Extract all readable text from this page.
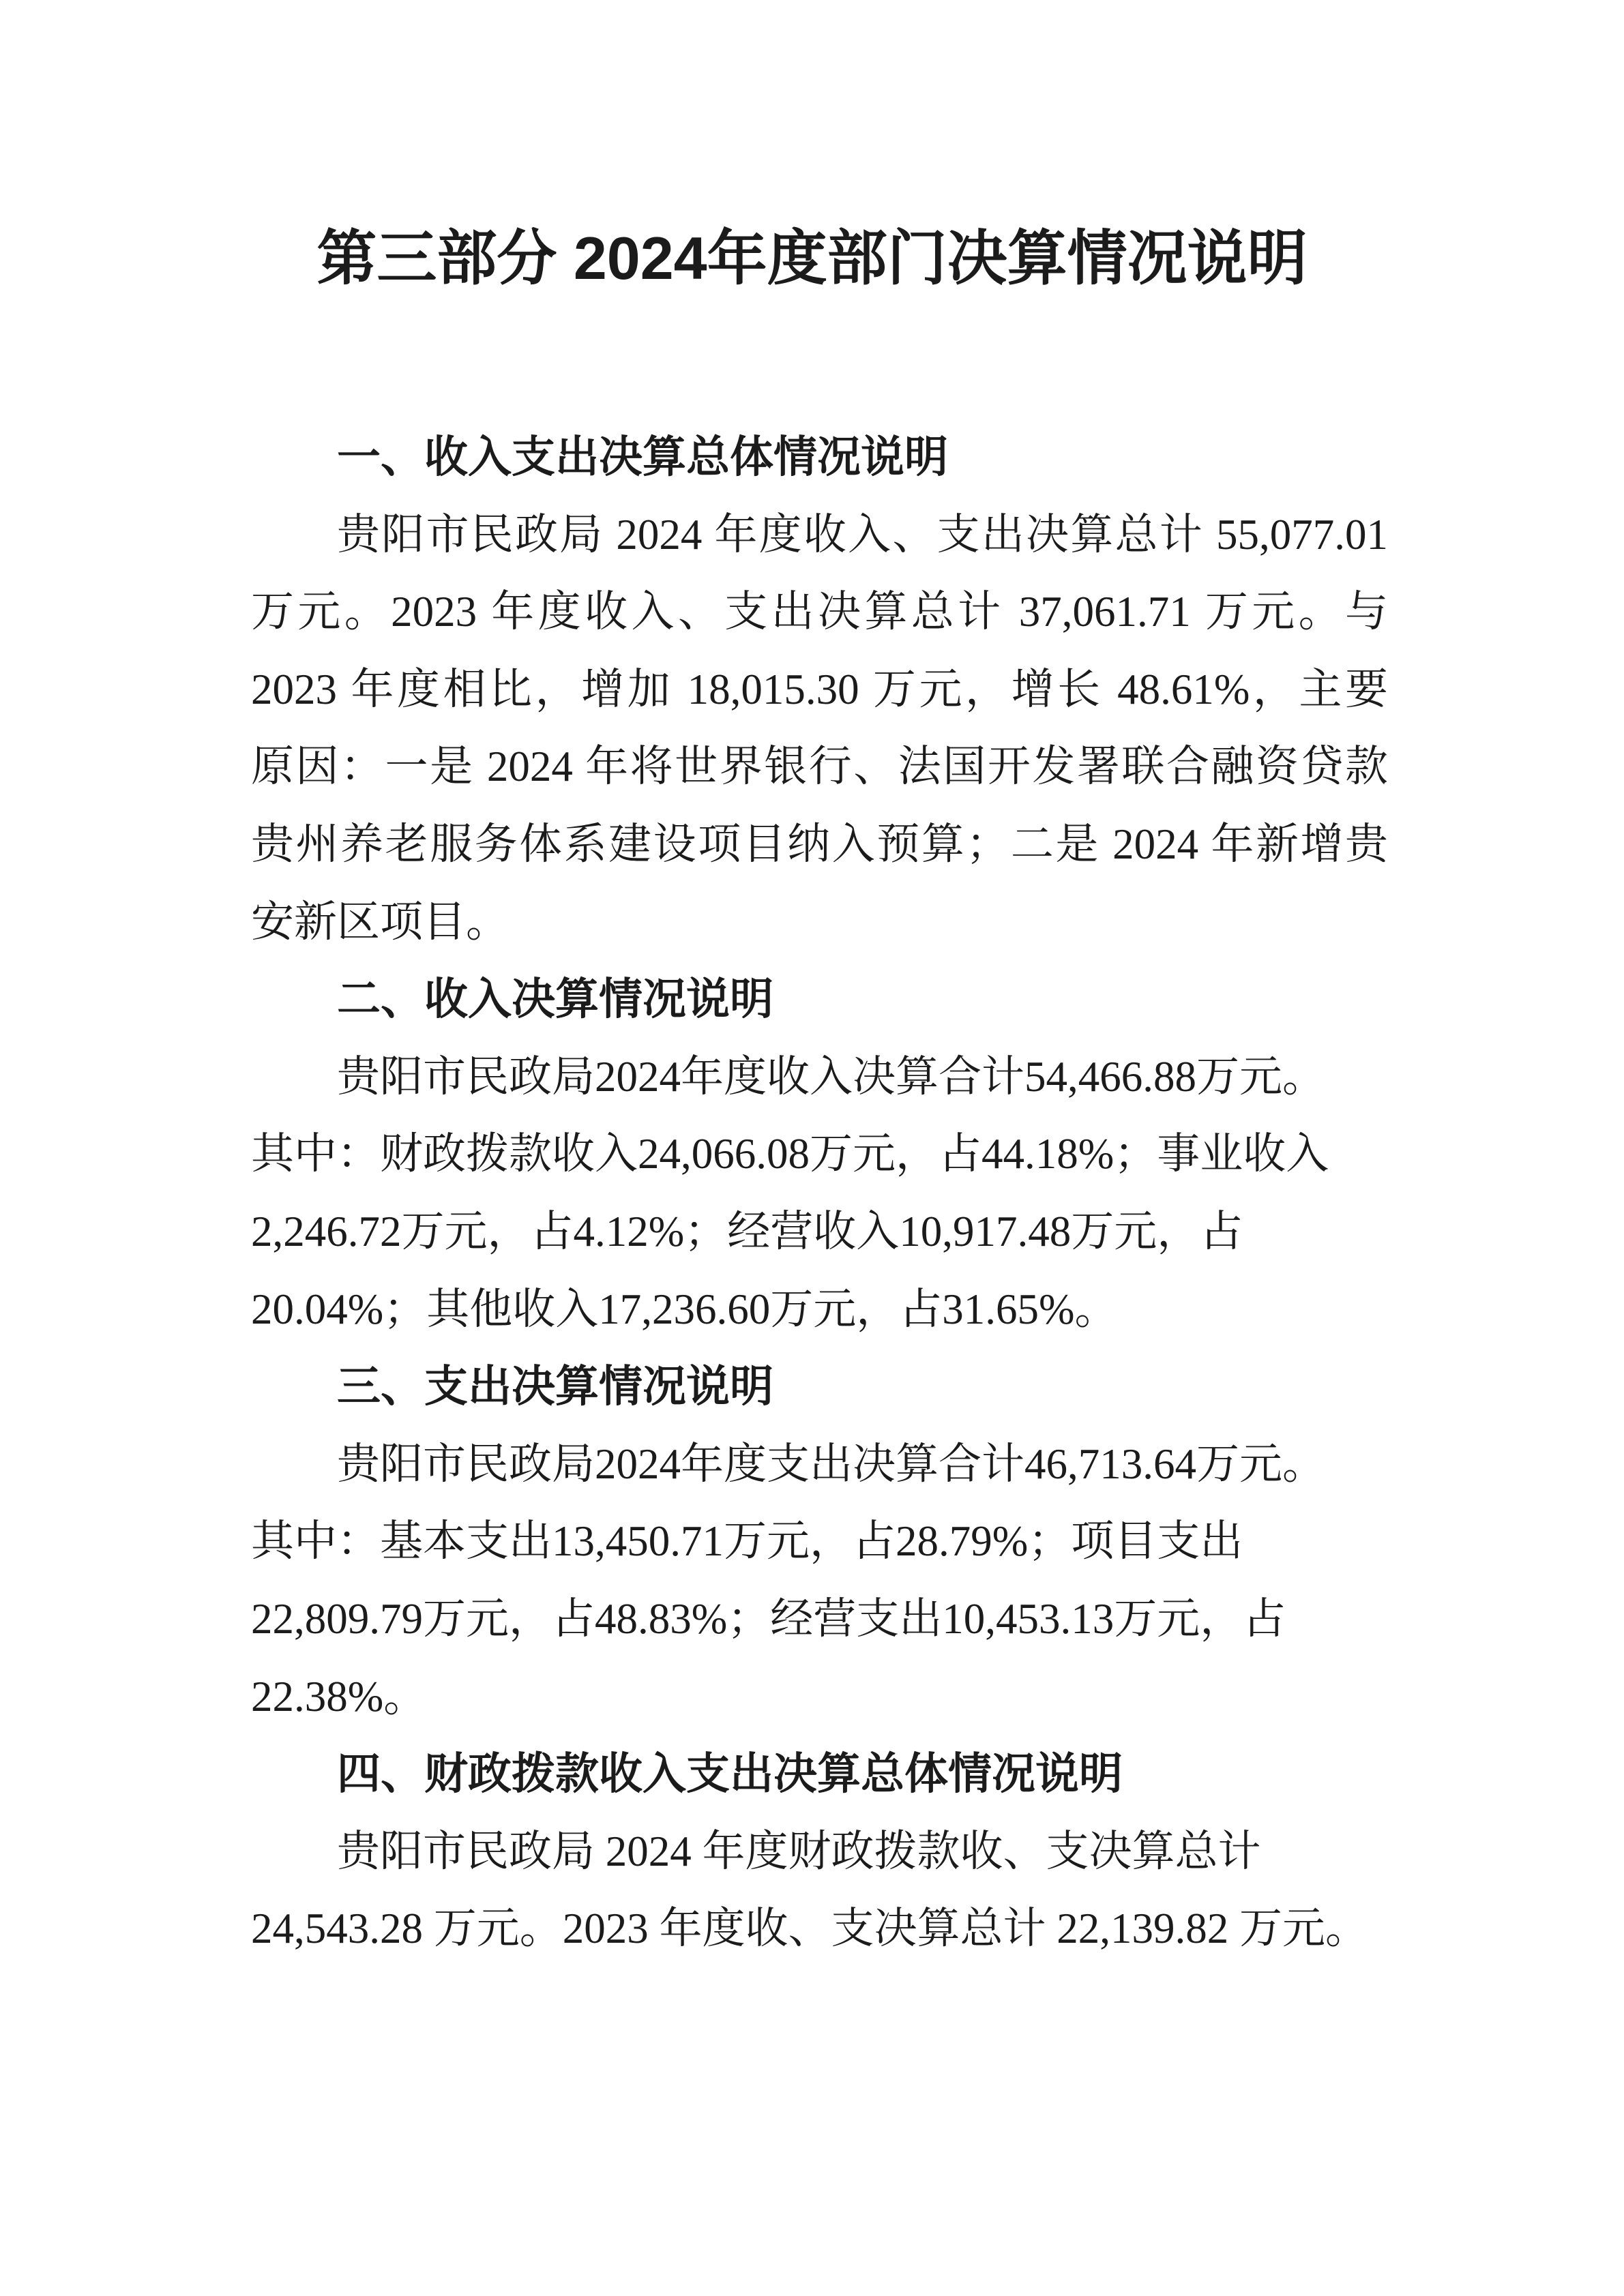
第三部分 2024年度部门决算情况说明
一、收入支出决算总体情况说明
贵阳市民政局 2024 年度收入、支出决算总计 55,077.01
万元。2023 年度收入、支出决算总计 37,061.71 万元。与
2023 年度相比，增加 18,015.30 万元，增长 48.61%，主要
原因：一是 2024 年将世界银行、法国开发署联合融资贷款
贵州养老服务体系建设项目纳入预算；二是 2024 年新增贵
安新区项目。
二、收入决算情况说明
贵阳市民政局2024年度收入决算合计54,466.88万元。
其中：财政拨款收入24,066.08万元，占44.18%；事业收入
2,246.72万元，占4.12%；经营收入10,917.48万元，占
20.04%；其他收入17,236.60万元，占31.65%。
三、支出决算情况说明
贵阳市民政局2024年度支出决算合计46,713.64万元。
其中：基本支出13,450.71万元，占28.79%；项目支出
22,809.79万元，占48.83%；经营支出10,453.13万元，占
22.38%。
四、财政拨款收入支出决算总体情况说明
贵阳市民政局 2024 年度财政拨款收、支决算总计
24,543.28 万元。2023 年度收、支决算总计 22,139.82 万元。
